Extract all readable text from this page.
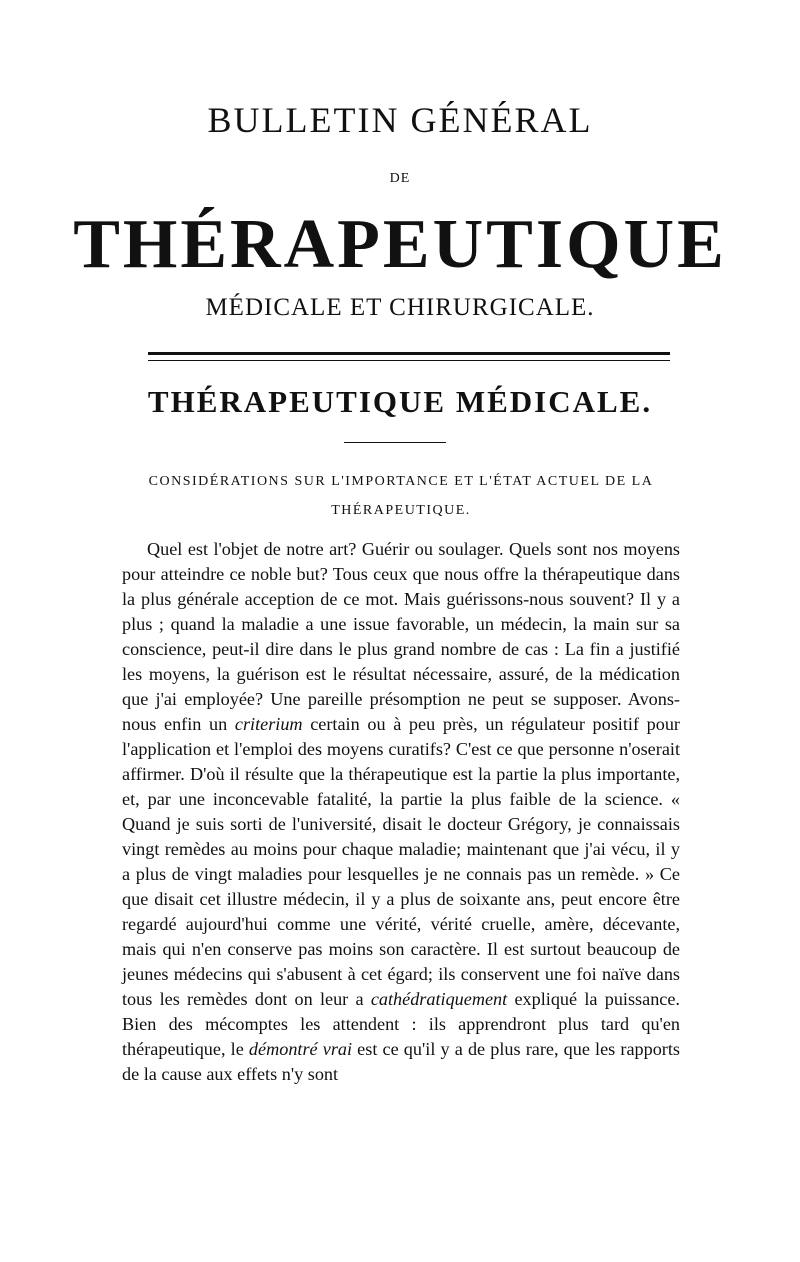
BULLETIN GÉNÉRAL
DE
THÉRAPEUTIQUE
MÉDICALE ET CHIRURGICALE.
THÉRAPEUTIQUE MÉDICALE.
CONSIDÉRATIONS SUR L'IMPORTANCE ET L'ÉTAT ACTUEL DE LA THÉRAPEUTIQUE.

Quel est l'objet de notre art? Guérir ou soulager. Quels sont nos moyens pour atteindre ce noble but? Tous ceux que nous offre la thérapeutique dans la plus générale acception de ce mot. Mais guérissons-nous souvent? Il y a plus ; quand la maladie a une issue favorable, un médecin, la main sur sa conscience, peut-il dire dans le plus grand nombre de cas : La fin a justifié les moyens, la guérison est le résultat nécessaire, assuré, de la médication que j'ai employée? Une pareille présomption ne peut se supposer. Avons-nous enfin un criterium certain ou à peu près, un régulateur positif pour l'application et l'emploi des moyens curatifs? C'est ce que personne n'oserait affirmer. D'où il résulte que la thérapeutique est la partie la plus importante, et, par une inconcevable fatalité, la partie la plus faible de la science. « Quand je suis sorti de l'université, disait le docteur Grégory, je connaissais vingt remèdes au moins pour chaque maladie; maintenant que j'ai vécu, il y a plus de vingt maladies pour lesquelles je ne connais pas un remède. » Ce que disait cet illustre médecin, il y a plus de soixante ans, peut encore être regardé aujourd'hui comme une vérité, vérité cruelle, amère, décevante, mais qui n'en conserve pas moins son caractère. Il est surtout beaucoup de jeunes médecins qui s'abusent à cet égard; ils conservent une foi naïve dans tous les remèdes dont on leur a cathédratiquement expliqué la puissance. Bien des mécomptes les attendent : ils apprendront plus tard qu'en thérapeutique, le démontré vrai est ce qu'il y a de plus rare, que les rapports de la cause aux effets n'y sont
